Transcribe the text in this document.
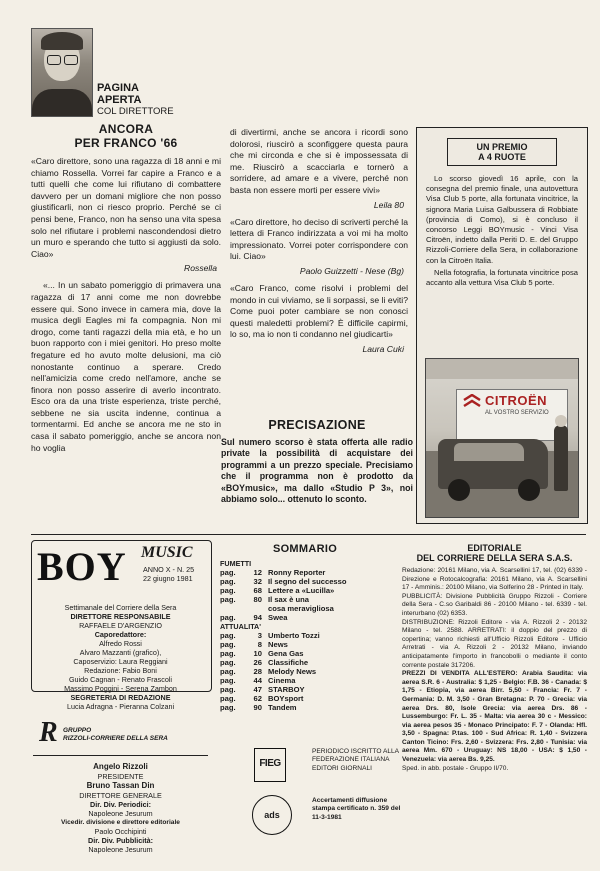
PAGINA
APERTA
COL DIRETTORE
ANCORA
PER FRANCO '66

«Caro direttore, sono una ragazza di 18 anni e mi chiamo Rossella. Vorrei far capire a Franco e a tutti quelli che come lui rifiutano di combattere davvero per un domani migliore che non posso giustificarli, non ci riesco proprio. Perché se ci pensi bene, Franco, non ha senso una vita spesa solo nel rifiutare i problemi nascondendosi dietro un muro e sperando che tutto si aggiusti da solo. Ciao»

Rossella

«... In un sabato pomeriggio di primavera una ragazza di 17 anni come me non dovrebbe essere qui. Sono invece in camera mia, dove la musica degli Eagles mi fa compagnia. Non mi drogo, come tanti ragazzi della mia età, e ho un buon rapporto con i miei genitori. Ho preso molte fregature ed ho avuto molte delusioni, ma ciò nonostante continuo a sperare. Credo nell'amicizia come credo nell'amore, anche se finora non posso asserire di averlo incontrato. Esco ora da una triste esperienza, triste perché, sebbene ne sia uscita indenne, continua a tormentarmi. Ed anche se ancora me ne sto in casa il sabato pomeriggio, anche se ancora non ho voglia

di divertirmi, anche se ancora i ricordi sono dolorosi, riuscirò a sconfiggere questa paura che mi circonda e che si è impossessata di me. Riuscirò a scacciarla e tornerò a sorridere, ad amare e a vivere, perché non basta non essere morti per essere vivi»

Leila 80

«Caro direttore, ho deciso di scriverti perché la lettera di Franco indirizzata a voi mi ha molto impressionato. Vorrei poter corrispondere con lui. Ciao»

Paolo Guizzetti - Nese (Bg)

«Caro Franco, come risolvi i problemi del mondo in cui viviamo, se li sorpassi, se li eviti? Come puoi poter cambiare se non conosci questi maledetti problemi? È difficile capirmi, lo so, ma io non ti condanno nel giudicarti»

Laura Cuki
PRECISAZIONE

Sul numero scorso è stata offerta alle radio private la possibilità di acquistare dei programmi a un prezzo speciale. Precisiamo che il programma non è prodotto da «BOYmusic», ma dallo «Studio P 3», noi abbiamo solo... ottenuto lo sconto.

UN PREMIO
A 4 RUOTE

Lo scorso giovedì 16 aprile, con la consegna del premio finale, una autovettura Visa Club 5 porte, alla fortunata vincitrice, la signora Maria Luisa Galbussera di Robbiate (provincia di Como), si è concluso il concorso Leggi BOYmusic - Vinci Visa Citroën, indetto dalla Periti D. E. del Gruppo Rizzoli-Corriere della Sera, in collaborazione con la Citroën Italia.

Nella fotografia, la fortunata vincitrice posa accanto alla vettura Visa Club 5 porte.

CITROËN
AL VOSTRO SERVIZIO
BOY MUSIC
ANNO X - N. 25
22 giugno 1981
Settimanale del Corriere della Sera
DIRETTORE RESPONSABILE
RAFFAELE D'ARGENZIO
Caporedattore:
Alfredo Rossi
Alvaro Mazzanti (grafico),
Caposervizio: Laura Reggiani
Redazione: Fabio Boni
Guido Cagnan - Renato Frascoli
Massimo Poggini - Serena Zambon
SEGRETERIA DI REDAZIONE
Lucia Adragna - Pieranna Colzani
R GRUPPO
RIZZOLI-CORRIERE DELLA SERA
Angelo Rizzoli
PRESIDENTE
Bruno Tassan Din
DIRETTORE GENERALE
Dir. Div. Periodici:
Napoleone Jesurum
Vicedir. divisione e direttore editoriale
Paolo Occhipinti
Dir. Div. Pubblicità:
Napoleone Jesurum
SOMMARIO
FUMETTI
pag.	12	Ronny Reporter
pag.	32	Il segno del successo
pag.	68	Lettere a «Lucilla»
pag.	80	Il sax è una
		cosa meravigliosa
pag.	94	Swea
ATTUALITA'
pag.	3	Umberto Tozzi
pag.	8	News
pag.	10	Gena Gas
pag.	26	Classifiche
pag.	28	Melody News
pag.	44	Cinema
pag.	47	STARBOY
pag.	62	BOYsport
pag.	90	Tandem
FIEG
PERIODICO ISCRITTO ALLA FEDERAZIONE ITALIANA EDITORI GIORNALI
ads
Accertamenti diffusione stampa certificato n. 359 del 11-3-1981
EDITORIALE
DEL CORRIERE DELLA SERA S.A.S.

Redazione: 20161 Milano, via A. Scarsellini 17, tel. (02) 6339 - Direzione e Rotocalcografia: 20161 Milano, via A. Scarsellini 17 - Amminis.: 20100 Milano, via Solferino 28 - Printed in Italy.

PUBBLICITÀ: Divisione Pubblicità Gruppo Rizzoli - Corriere della Sera - C.so Garibaldi 86 - 20100 Milano - tel. 6339 - tel. interurbano (02) 6353.

DISTRIBUZIONE: Rizzoli Editore - via A. Rizzoli 2 - 20132 Milano - tel. 2588. ARRETRATI: il doppio del prezzo di copertina; vanno richiesti all'Ufficio Rizzoli Editore - Ufficio Arretrati - via A. Rizzoli 2 - 20132 Milano, inviando anticipatamente l'importo in francobolli o mediante il conto corrente postale 317206.

PREZZI DI VENDITA ALL'ESTERO: Arabia Saudita: via aerea S.R. 6 - Australia: $ 1,25 - Belgio: F.B. 36 - Canada: $ 1,75 - Etiopia, via aerea Birr. 5,50 - Francia: Fr. 7 - Germania: D. M. 3,50 - Gran Bretagna: P. 70 - Grecia: via aerea Drs. 80, Isole Grecia: via aerea Drs. 86 - Lussemburgo: Fr. L. 35 - Malta: via aerea 30 c - Messico: via aerea pesos 35 - Monaco Principato: F. 7 - Olanda: Hfl. 3,50 - Spagna: P.tas. 100 - Sud Africa: R. 1,40 - Svizzera Canton Ticino: Frs. 2,60 - Svizzera: Frs. 2,80 - Tunisia: via aerea Mm. 670 - Uruguay: NS 18,00 - USA: $ 1,50 - Venezuela: via aerea Bs. 9,25.

Sped. in abb. postale - Gruppo II/70.
